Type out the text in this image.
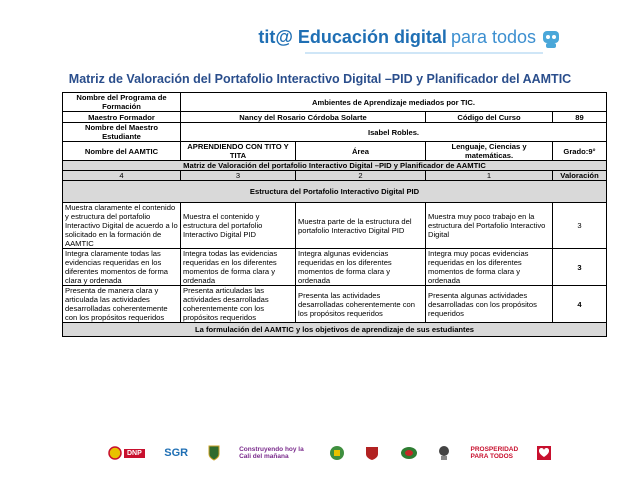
tit@ Educación digital para todos
Matriz de Valoración del Portafolio Interactivo Digital –PID y Planificador del AAMTIC
Nombre del Programa de Formación	Ambientes de Aprendizaje mediados por TIC.			
Maestro Formador	Nancy del Rosario Córdoba Solarte		Código del Curso	89
Nombre del Maestro Estudiante	Isabel Robles.			
Nombre del AAMTIC	APRENDIENDO CON TITO Y TITA	Área	Lenguaje, Ciencias y matemáticas.	Grado:9°
Matriz de Valoración del portafolio Interactivo Digital –PID y Planificador de AAMTIC				
4	3	2	1	Valoración
Estructura del Portafolio Interactivo Digital PID				
Muestra claramente el contenido y estructura del portafolio Interactivo Digital de acuerdo a lo solicitado en la formación de AAMTIC	Muestra el contenido y estructura del portafolio Interactivo Digital PID	Muestra parte de la estructura del portafolio Interactivo Digital PID	Muestra muy poco trabajo en la estructura del Portafolio Interactivo Digital	3
Integra claramente todas las evidencias requeridas en los diferentes momentos de forma clara y ordenada	Integra todas las evidencias requeridas en los diferentes momentos de forma clara y ordenada	Integra algunas evidencias requeridas en los diferentes momentos de forma clara y ordenada	Integra muy pocas evidencias requeridas en los diferentes momentos de forma clara y ordenada	3
Presenta de manera clara y articulada las actividades desarrolladas coherentemente con los propósitos requeridos	Presenta articuladas las actividades desarrolladas coherentemente con los propósitos requeridos	Presenta las actividades desarrolladas coherentemente con los propósitos requeridos	Presenta algunas actividades desarrolladas con los propósitos requeridos	4
La formulación del AAMTIC y los objetivos de aprendizaje de sus estudiantes				
DNP SGR	Construyendo hoy la Cali del mañana
PROSPERIDAD PARA TODOS
